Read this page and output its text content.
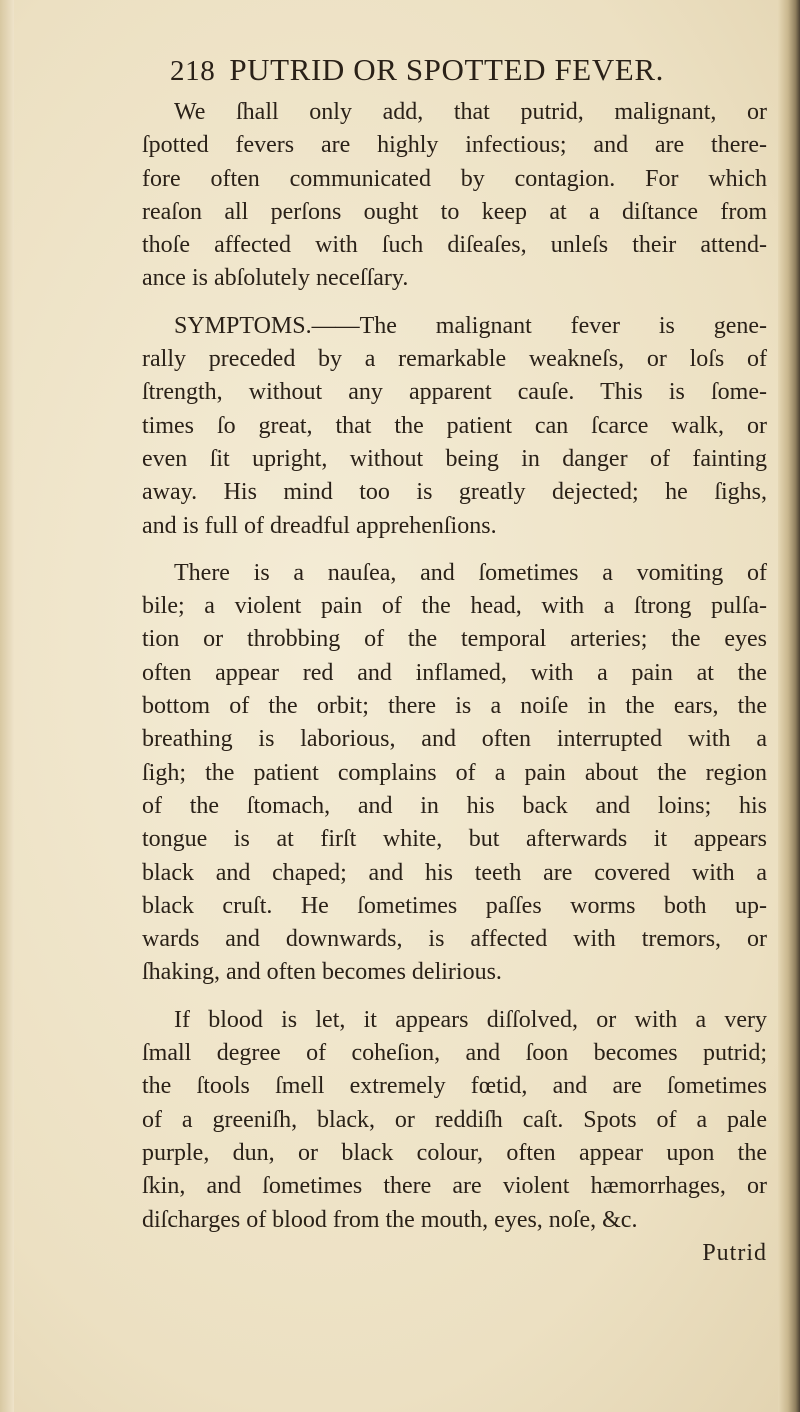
218 PUTRID OR SPOTTED FEVER.
We ſhall only add, that putrid, malignant, or
ſpotted fevers are highly infectious; and are there-
fore often communicated by contagion. For which
reaſon all perſons ought to keep at a diſtance from
thoſe affected with ſuch diſeaſes, unleſs their attend-
ance is abſolutely neceſſary.
SYMPTOMS.——The malignant fever is gene-
rally preceded by a remarkable weakneſs, or loſs of
ſtrength, without any apparent cauſe. This is ſome-
times ſo great, that the patient can ſcarce walk, or
even ſit upright, without being in danger of fainting
away. His mind too is greatly dejected; he ſighs,
and is full of dreadful apprehenſions.
There is a nauſea, and ſometimes a vomiting of
bile; a violent pain of the head, with a ſtrong pulſa-
tion or throbbing of the temporal arteries; the eyes
often appear red and inflamed, with a pain at the
bottom of the orbit; there is a noiſe in the ears, the
breathing is laborious, and often interrupted with a
ſigh; the patient complains of a pain about the region
of the ſtomach, and in his back and loins; his
tongue is at firſt white, but afterwards it appears
black and chaped; and his teeth are covered with a
black cruſt. He ſometimes paſſes worms both up-
wards and downwards, is affected with tremors, or
ſhaking, and often becomes delirious.
If blood is let, it appears diſſolved, or with a very
ſmall degree of coheſion, and ſoon becomes putrid;
the ſtools ſmell extremely fœtid, and are ſometimes
of a greeniſh, black, or reddiſh caſt. Spots of a pale
purple, dun, or black colour, often appear upon the
ſkin, and ſometimes there are violent hæmorrhages, or
diſcharges of blood from the mouth, eyes, noſe, &c.
Putrid
